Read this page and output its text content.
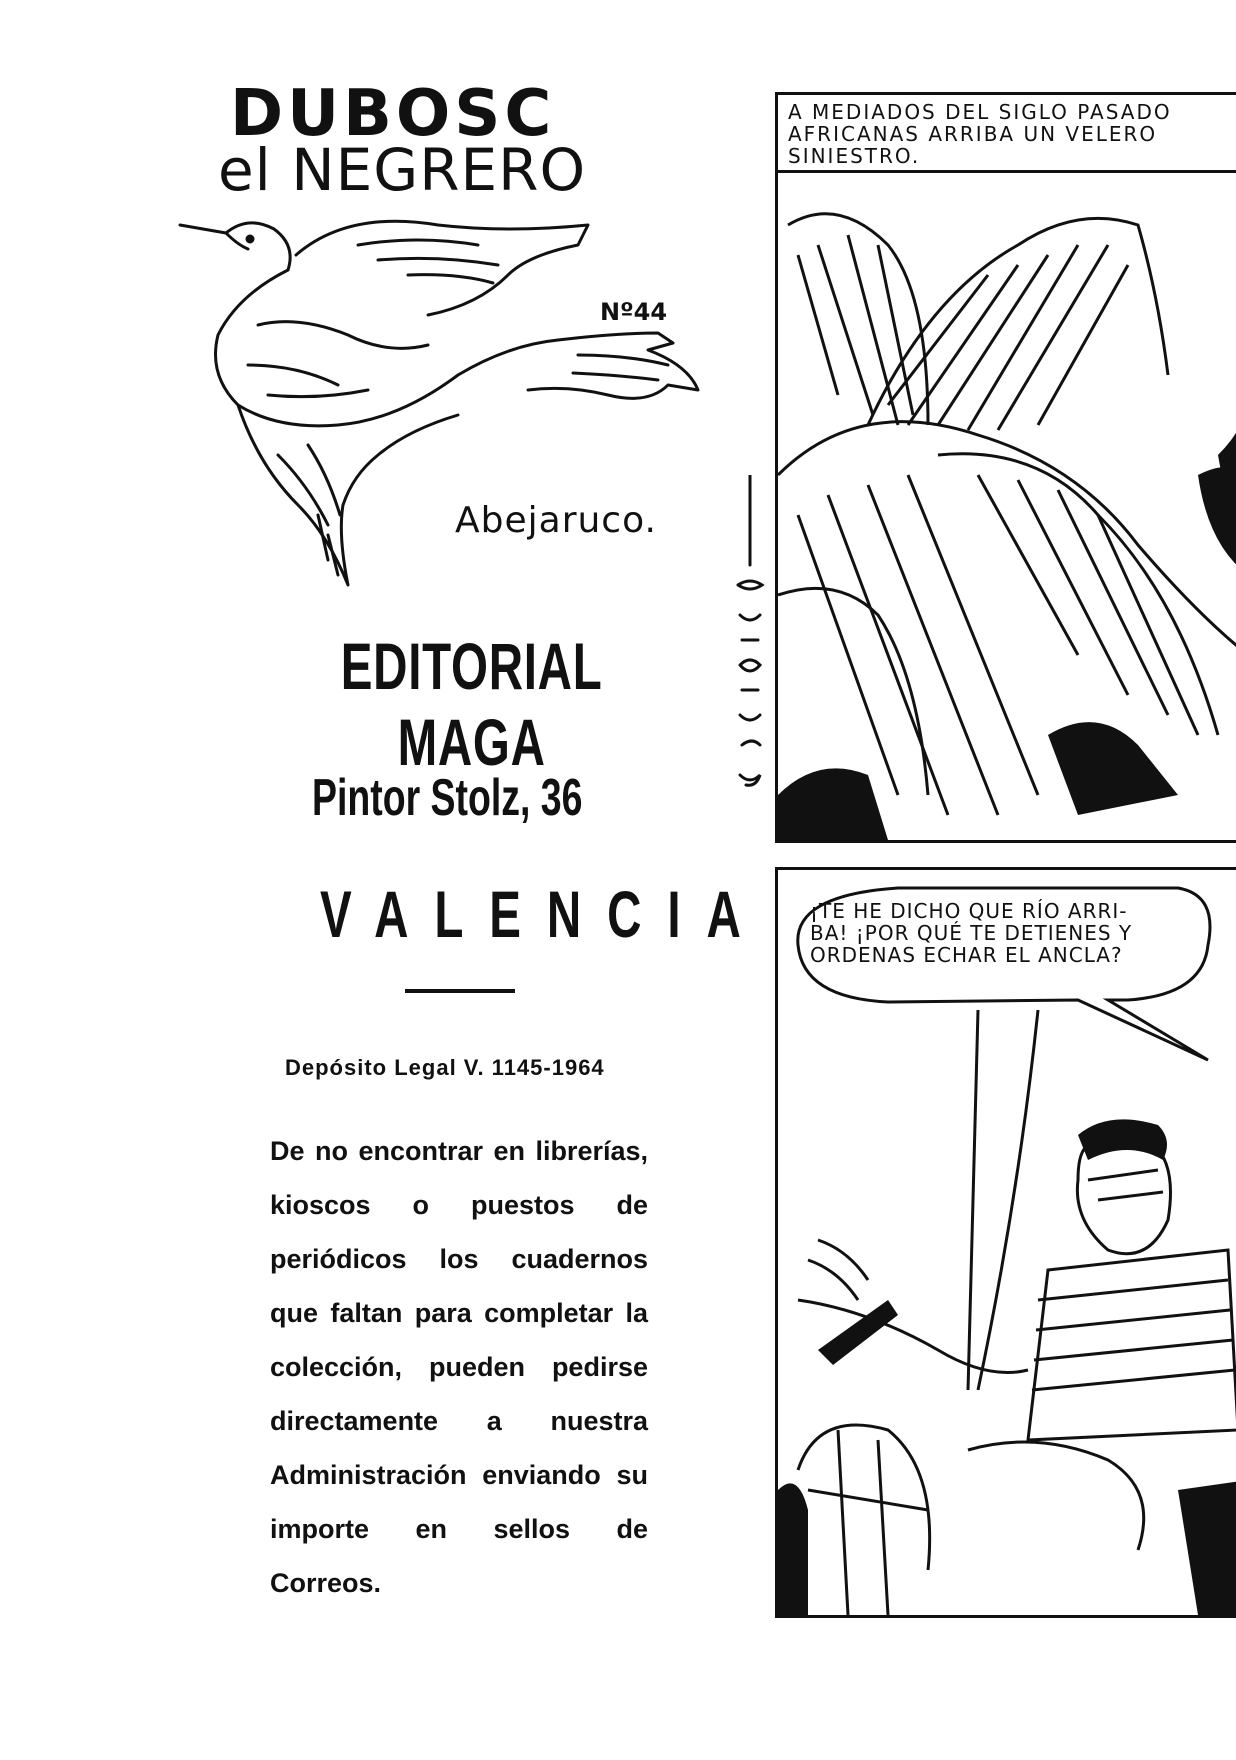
DUBOSC
el NEGRERO
Nº44
Abejaruco.
EDITORIAL MAGA
Pintor Stolz, 36
VALENCIA
Depósito Legal V. 1145-1964
De no encontrar en librerías, kioscos o puestos de periódicos los cuadernos que faltan para completar la colección, pueden pedirse directamente a nuestra Administración enviando su importe en sellos de Correos.
A MEDIADOS DEL SIGLO PASADO
AFRICANAS ARRIBA UN VELERO
SINIESTRO.
¡TE HE DICHO QUE RÍO ARRI-
BA! ¡POR QUÉ TE DETIENES Y
ORDENAS ECHAR EL ANCLA?
